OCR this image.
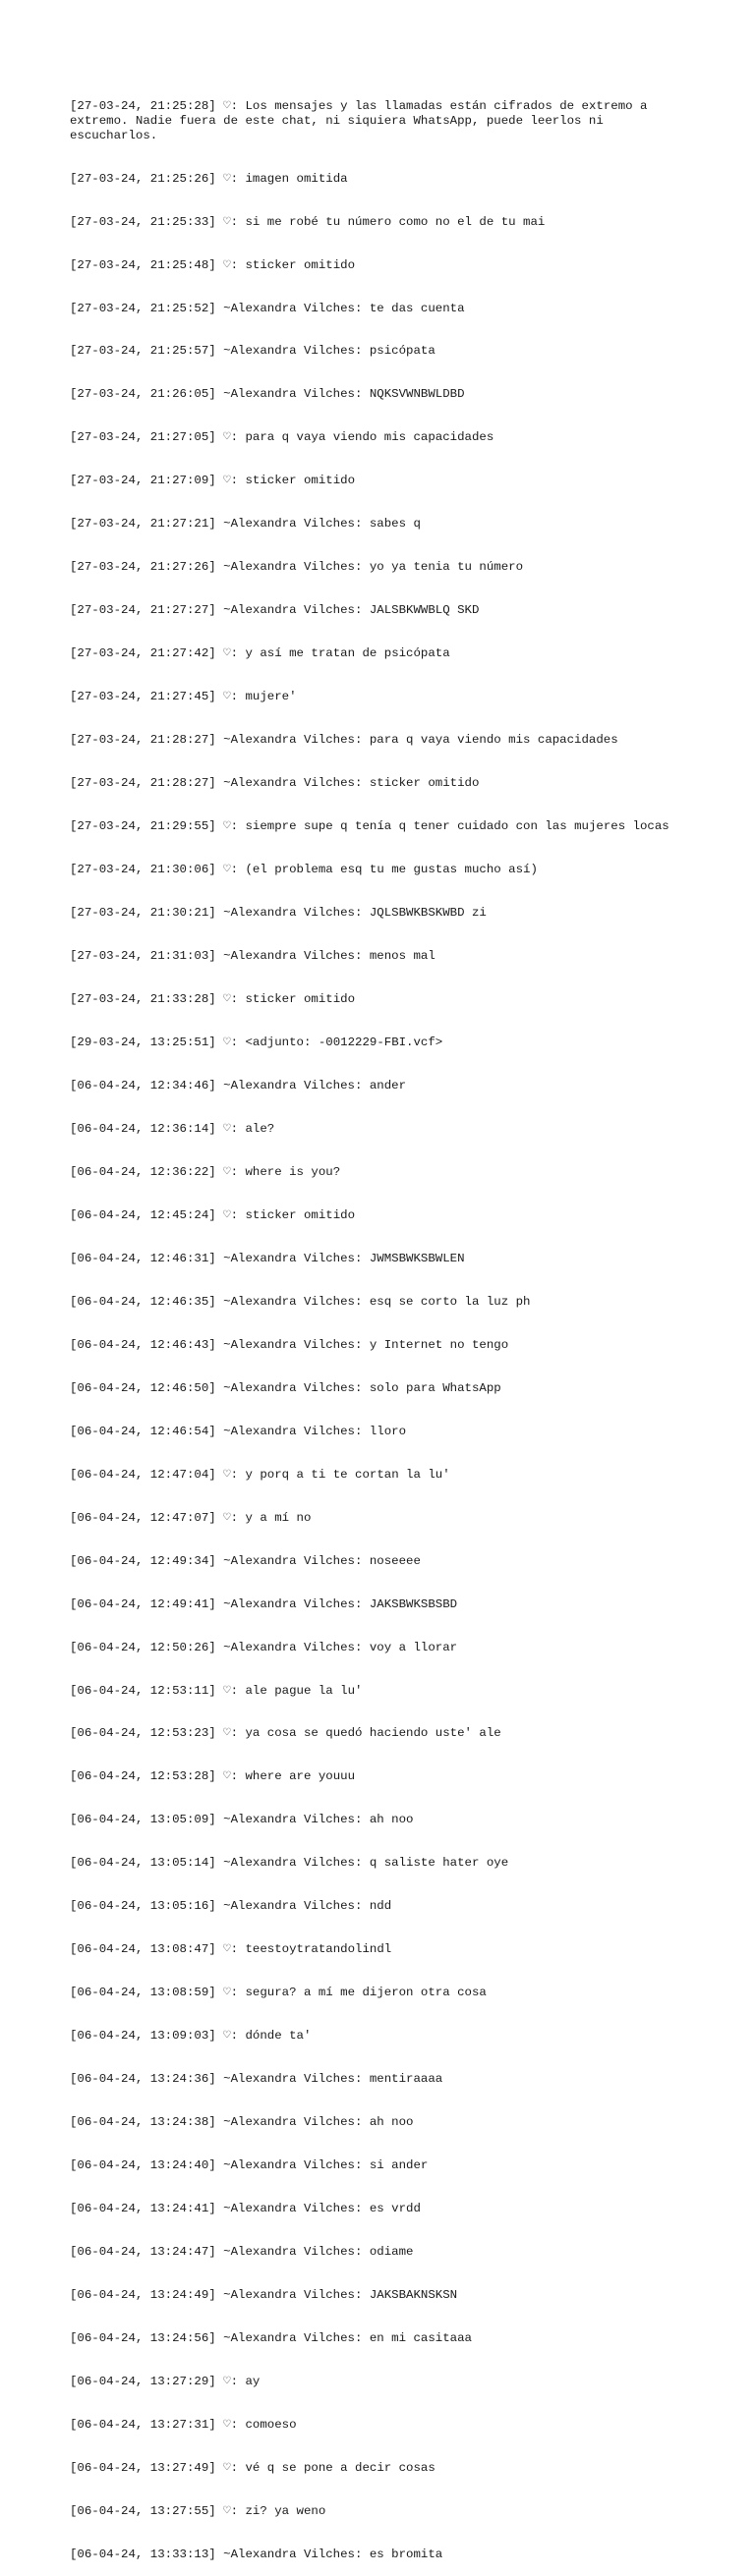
[27-03-24, 21:25:28] ♡: Los mensajes y las llamadas están cifrados de extremo a extremo. Nadie fuera de este chat, ni siquiera WhatsApp, puede leerlos ni escucharlos.

[27-03-24, 21:25:26] ♡: imagen omitida

[27-03-24, 21:25:33] ♡: si me robé tu número como no el de tu mai

[27-03-24, 21:25:48] ♡: sticker omitido

[27-03-24, 21:25:52] ~Alexandra Vilches: te das cuenta

[27-03-24, 21:25:57] ~Alexandra Vilches: psicópata

[27-03-24, 21:26:05] ~Alexandra Vilches: NQKSVWNBWLDBD

[27-03-24, 21:27:05] ♡: para q vaya viendo mis capacidades

[27-03-24, 21:27:09] ♡: sticker omitido

[27-03-24, 21:27:21] ~Alexandra Vilches: sabes q

[27-03-24, 21:27:26] ~Alexandra Vilches: yo ya tenia tu número

[27-03-24, 21:27:27] ~Alexandra Vilches: JALSBKWWBLQ SKD

[27-03-24, 21:27:42] ♡: y así me tratan de psicópata

[27-03-24, 21:27:45] ♡: mujere'

[27-03-24, 21:28:27] ~Alexandra Vilches: para q vaya viendo mis capacidades

[27-03-24, 21:28:27] ~Alexandra Vilches: sticker omitido

[27-03-24, 21:29:55] ♡: siempre supe q tenía q tener cuidado con las mujeres locas

[27-03-24, 21:30:06] ♡: (el problema esq tu me gustas mucho así)

[27-03-24, 21:30:21] ~Alexandra Vilches: JQLSBWKBSKWBD zi

[27-03-24, 21:31:03] ~Alexandra Vilches: menos mal

[27-03-24, 21:33:28] ♡: sticker omitido

[29-03-24, 13:25:51] ♡: <adjunto: -0012229-FBI.vcf>

[06-04-24, 12:34:46] ~Alexandra Vilches: ander

[06-04-24, 12:36:14] ♡: ale?

[06-04-24, 12:36:22] ♡: where is you?

[06-04-24, 12:45:24] ♡: sticker omitido

[06-04-24, 12:46:31] ~Alexandra Vilches: JWMSBWKSBWLEN

[06-04-24, 12:46:35] ~Alexandra Vilches: esq se corto la luz ph

[06-04-24, 12:46:43] ~Alexandra Vilches: y Internet no tengo

[06-04-24, 12:46:50] ~Alexandra Vilches: solo para WhatsApp

[06-04-24, 12:46:54] ~Alexandra Vilches: lloro

[06-04-24, 12:47:04] ♡: y porq a ti te cortan la lu'

[06-04-24, 12:47:07] ♡: y a mí no

[06-04-24, 12:49:34] ~Alexandra Vilches: noseeee

[06-04-24, 12:49:41] ~Alexandra Vilches: JAKSBWKSBSBD

[06-04-24, 12:50:26] ~Alexandra Vilches: voy a llorar

[06-04-24, 12:53:11] ♡: ale pague la lu'

[06-04-24, 12:53:23] ♡: ya cosa se quedó haciendo uste' ale

[06-04-24, 12:53:28] ♡: where are youuu

[06-04-24, 13:05:09] ~Alexandra Vilches: ah noo

[06-04-24, 13:05:14] ~Alexandra Vilches: q saliste hater oye

[06-04-24, 13:05:16] ~Alexandra Vilches: ndd

[06-04-24, 13:08:47] ♡: teestoytratandolindl

[06-04-24, 13:08:59] ♡: segura? a mí me dijeron otra cosa

[06-04-24, 13:09:03] ♡: dónde ta'

[06-04-24, 13:24:36] ~Alexandra Vilches: mentiraaaa

[06-04-24, 13:24:38] ~Alexandra Vilches: ah noo

[06-04-24, 13:24:40] ~Alexandra Vilches: si ander

[06-04-24, 13:24:41] ~Alexandra Vilches: es vrdd

[06-04-24, 13:24:47] ~Alexandra Vilches: odiame

[06-04-24, 13:24:49] ~Alexandra Vilches: JAKSBAKNSKSN

[06-04-24, 13:24:56] ~Alexandra Vilches: en mi casitaaa

[06-04-24, 13:27:29] ♡: ay

[06-04-24, 13:27:31] ♡: comoeso

[06-04-24, 13:27:49] ♡: vé q se pone a decir cosas

[06-04-24, 13:27:55] ♡: zi? ya weno

[06-04-24, 13:33:13] ~Alexandra Vilches: es bromita
